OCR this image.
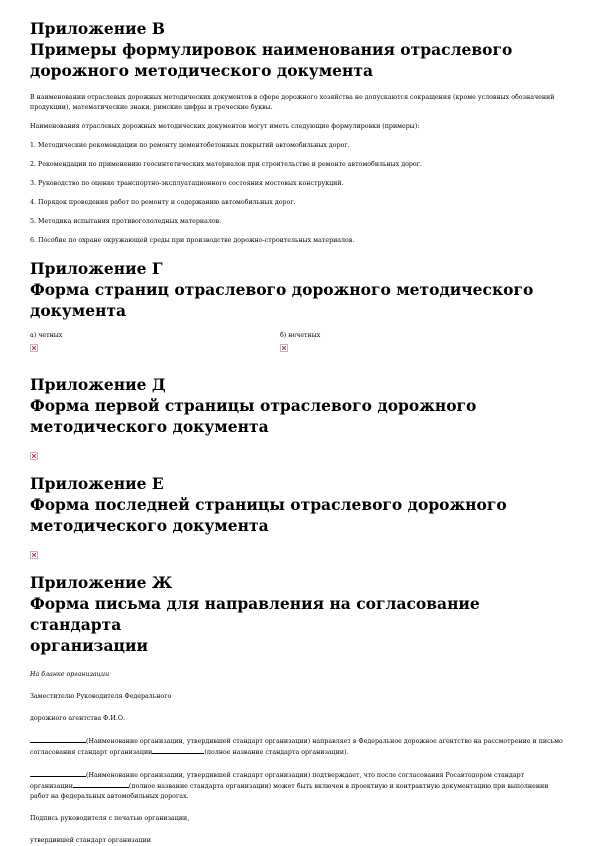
Приложение В
Примеры формулировок наименования отраслевого
дорожного методического документа

В наименовании отраслевых дорожных методических документов в сфере дорожного хозяйства не допускаются сокращения (кроме условных обозначений продукции), математические знаки, римские цифры и греческие буквы.

Наименования отраслевых дорожных методических документов могут иметь следующие формулировки (примеры):

1. Методические рекомендации по ремонту цементобетонных покрытий автомобильных дорог.

2. Рекомендации по применению геосинтетических материалов при строительстве и ремонте автомобильных дорог.

3. Руководство по оценке транспортно-эксплуатационного состояния мостовых конструкций.

4. Порядок проведения работ по ремонту и содержанию автомобильных дорог.

5. Методика испытания противогололедных материалов.

6. Пособие по охране окружающей среды при производстве дорожно-строительных материалов.

Приложение Г
Форма страниц отраслевого дорожного методического
документа
а) четных	б) нечетных
Приложение Д
Форма первой страницы отраслевого дорожного
методического документа
Приложение Е
Форма последней страницы отраслевого дорожного
методического документа
Приложение Ж
Форма письма для направления на согласование стандарта
организации

На бланке организации

Заместителю Руководителя Федерального

дорожного агентства Ф.И.О.

(Наименование организации, утвердившей стандарт организации) направляет в Федеральное дорожное агентство на рассмотрение и письмо согласования стандарт организации	(полное название стандарта организации).

(Наименование организации, утвердившей стандарт организации) подтверждает, что после согласования Росавтодором стандарт организации	(полное название стандарта организации) может быть включен в проектную и контрактную документацию при выполнении работ на федеральных автомобильных дорогах.

Подпись руководителя с печатью организации,

утвердившей стандарт организации
